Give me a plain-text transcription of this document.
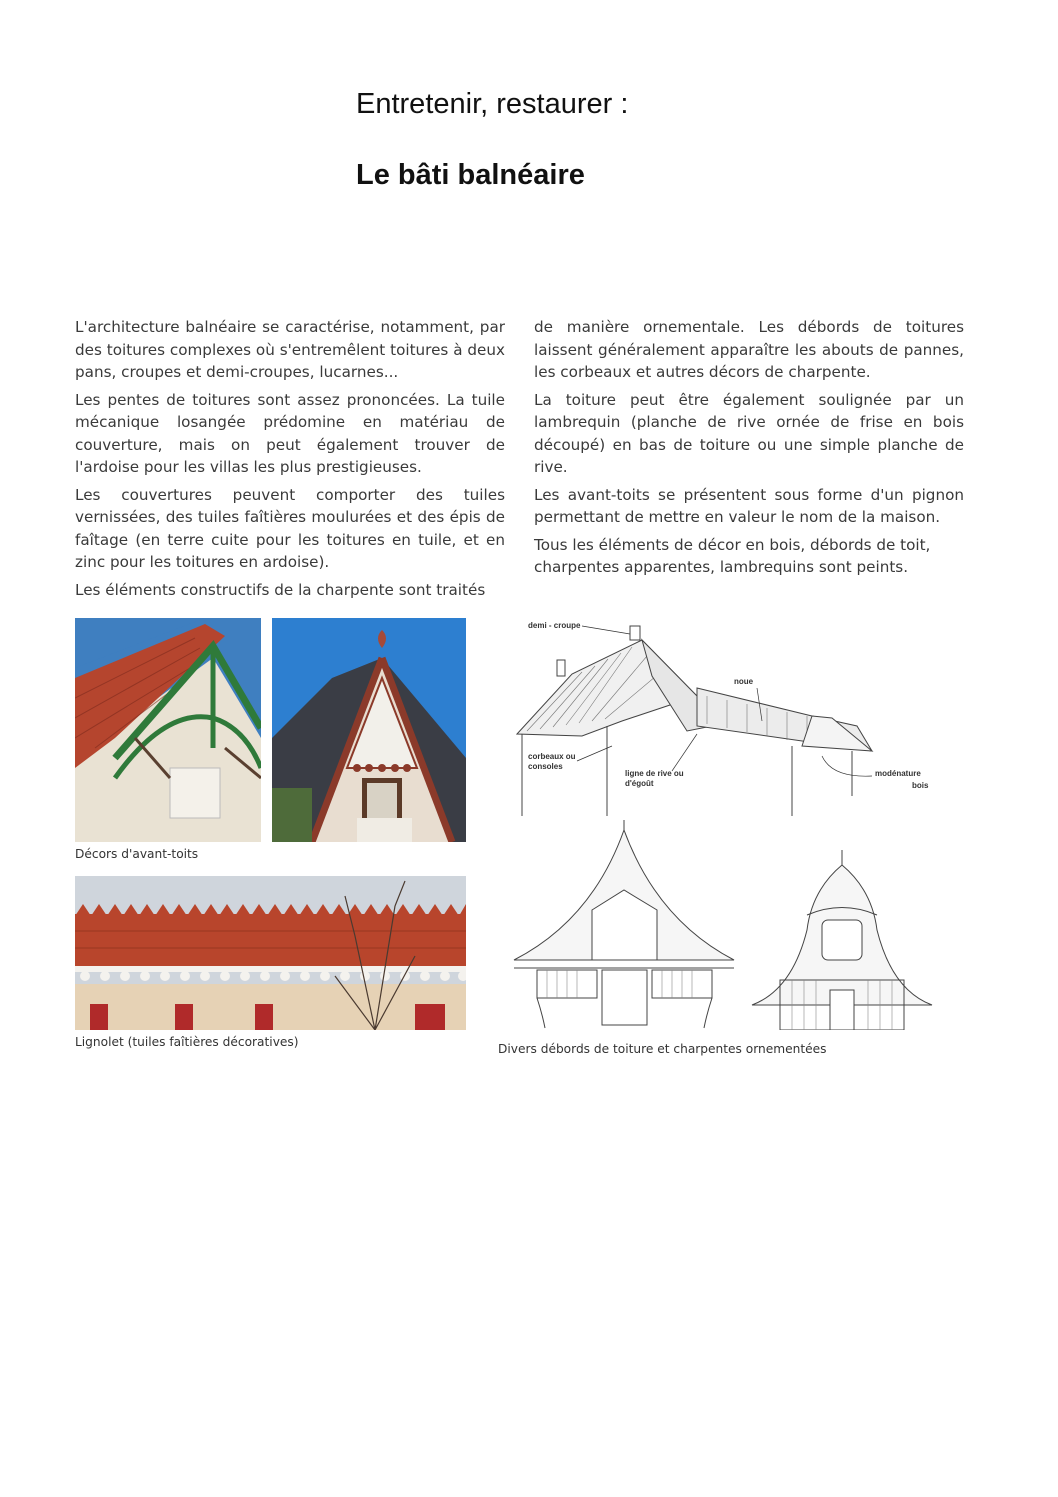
Entretenir, restaurer :
Le bâti balnéaire

L'architecture balnéaire se caractérise, notamment, par des toitures complexes où s'entremêlent toitures à deux pans, croupes et demi-croupes, lucarnes...

Les pentes de toitures sont assez prononcées. La tuile mécanique losangée prédomine en matériau de couverture, mais on peut également trouver de l'ardoise pour les villas les plus prestigieuses.

Les couvertures peuvent comporter des tuiles vernissées, des tuiles faîtières moulurées et des épis de faîtage (en terre cuite pour les toitures en tuile, et en zinc pour les toitures en ardoise).

Les éléments constructifs de la charpente sont traités

de manière ornementale. Les débords de toitures laissent généralement apparaître les abouts de pannes, les corbeaux et autres décors de charpente.

La toiture peut être également soulignée par un lambrequin (planche de rive ornée de frise en bois découpé) en bas de toiture ou une simple planche de rive.

Les avant-toits se présentent sous forme d'un pignon permettant de mettre en valeur le nom de la maison.

Tous les éléments de décor en bois, débords de toit, charpentes apparentes, lambrequins sont peints.

Décors d'avant-toits
Lignolet (tuiles faîtières décoratives)
demi - croupe
noue
corbeaux ou
consoles
ligne de rive ou
d'égoût
modénature
bois
Divers débords de toiture et charpentes ornementées
